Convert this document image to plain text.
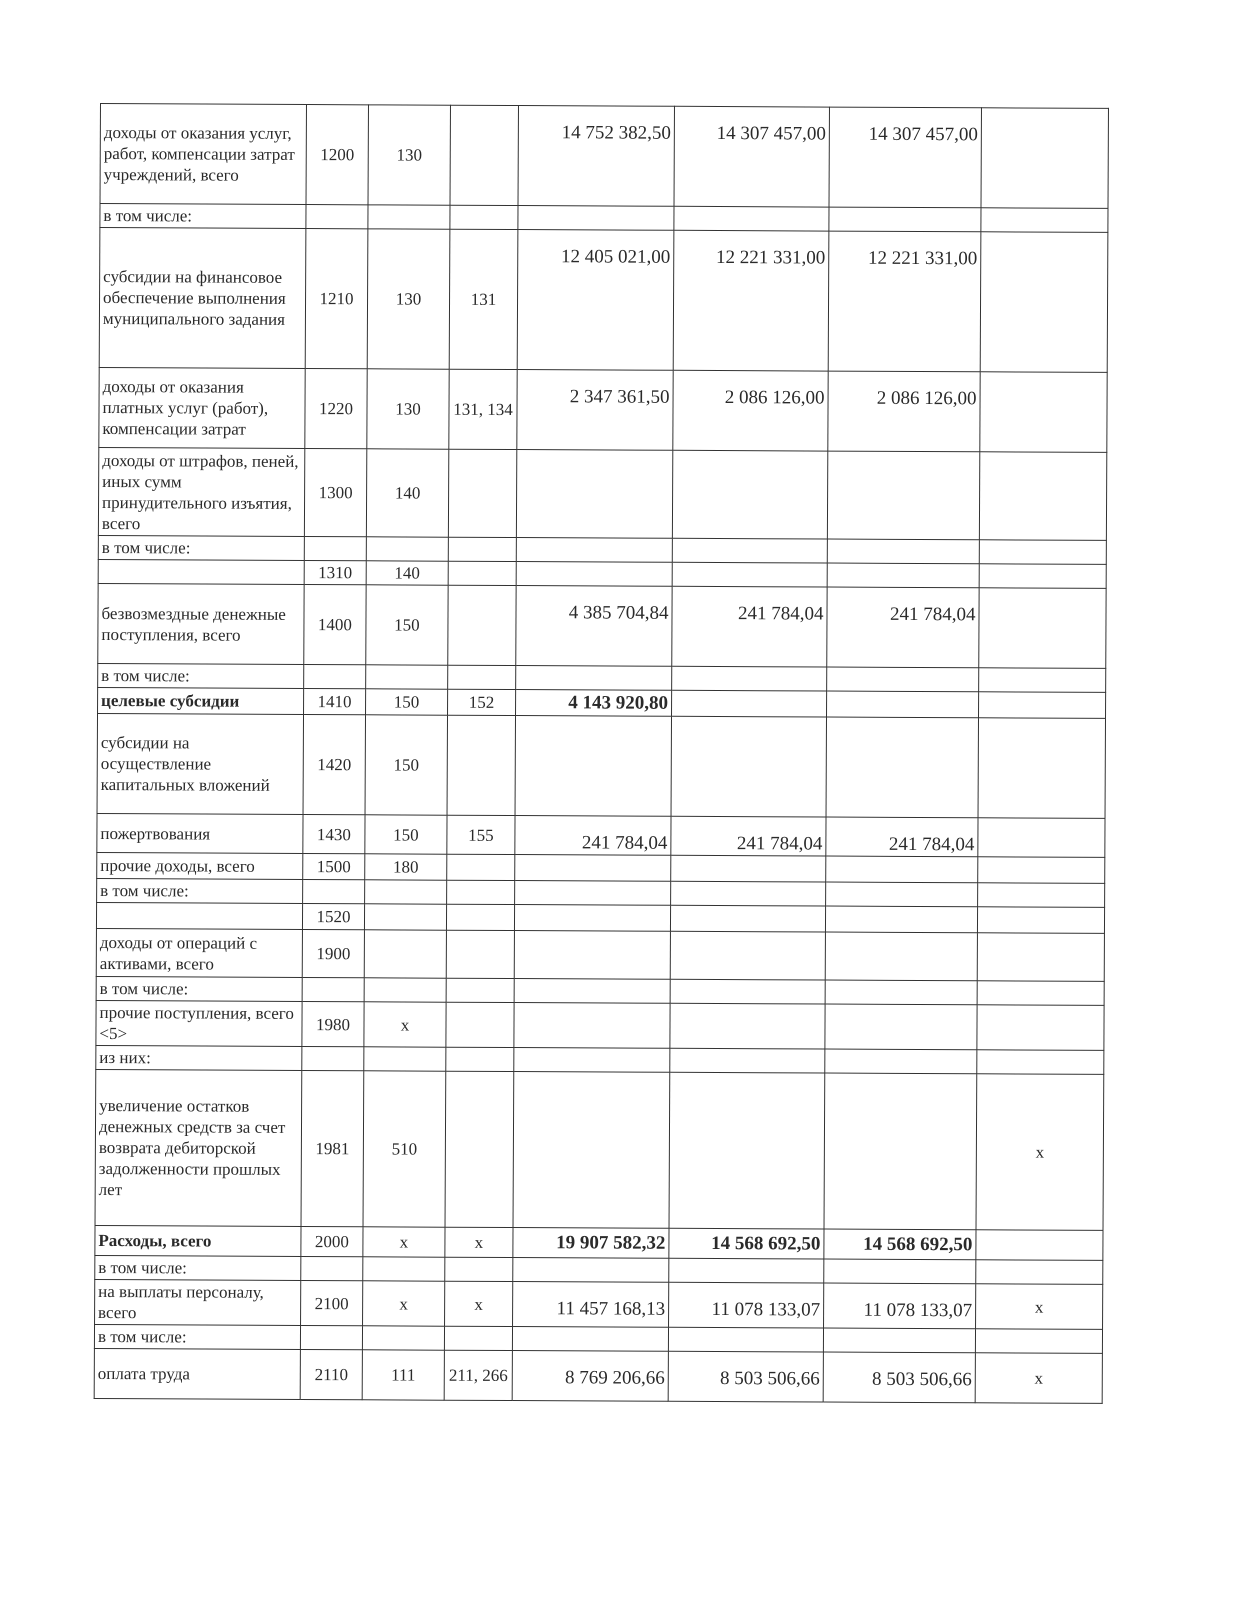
доходы от оказания услуг, работ, компенсации затрат учреждений, всего	1200	130		14 752 382,50	14 307 457,00	14 307 457,00	
в том числе:							
субсидии на финансовое обеспечение выполнения муниципального задания	1210	130	131	12 405 021,00	12 221 331,00	12 221 331,00	
доходы от оказания платных услуг (работ), компенсации затрат	1220	130	131, 134	2 347 361,50	2 086 126,00	2 086 126,00	
доходы от штрафов, пеней, иных сумм принудительного изъятия, всего	1300	140					
в том числе:							
	1310	140					
безвозмездные денежные поступления, всего	1400	150		4 385 704,84	241 784,04	241 784,04	
в том числе:							
целевые субсидии	1410	150	152	4 143 920,80			
субсидии на осуществление капитальных вложений	1420	150					
пожертвования	1430	150	155	241 784,04	241 784,04	241 784,04	
прочие доходы, всего	1500	180					
в том числе:							
	1520						
доходы от операций с активами, всего	1900						
в том числе:							
прочие поступления, всего <5>	1980	x					
из них:							
увеличение остатков денежных средств за счет возврата дебиторской задолженности прошлых лет	1981	510					x
Расходы, всего	2000	x	x	19 907 582,32	14 568 692,50	14 568 692,50	
в том числе:							
на выплаты персоналу, всего	2100	x	x	11 457 168,13	11 078 133,07	11 078 133,07	x
в том числе:							
оплата труда	2110	111	211, 266	8 769 206,66	8 503 506,66	8 503 506,66	x
